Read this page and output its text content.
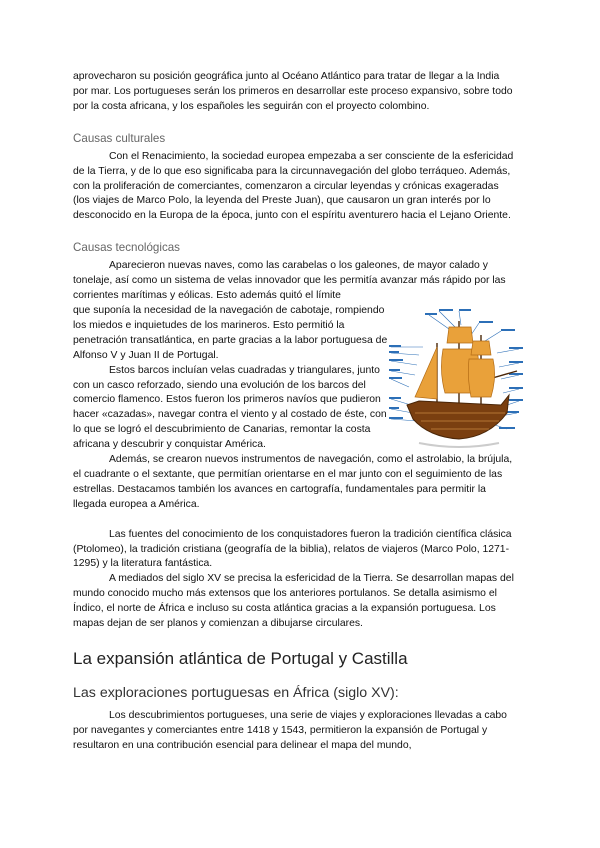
aprovecharon su posición geográfica junto al Océano Atlántico para tratar de llegar a la India por mar. Los portugueses serán los primeros en desarrollar este proceso expansivo, sobre todo por la costa africana, y los españoles les seguirán con el proyecto colombino.

Causas culturales

Con el Renacimiento, la sociedad europea empezaba a ser consciente de la esfericidad de la Tierra, y de lo que eso significaba para la circunnavegación del globo terráqueo. Además, con la proliferación de comerciantes, comenzaron a circular leyendas y crónicas exageradas (los viajes de Marco Polo, la leyenda del Preste Juan), que causaron un gran interés por lo desconocido en la Europa de la época, junto con el espíritu aventurero hacia el Lejano Oriente.

Causas tecnológicas

Aparecieron nuevas naves, como las carabelas o los galeones, de mayor calado y tonelaje, así como un sistema de velas innovador que les permitía avanzar más rápido por las corrientes marítimas y eólicas. Esto además quitó el límite

que suponía la necesidad de la navegación de cabotaje, rompiendo los miedos e inquietudes de los marineros. Esto permitió la penetración transatlántica, en parte gracias a la labor portuguesa de Alfonso V y Juan II de Portugal.

Estos barcos incluían velas cuadradas y triangulares, junto con un casco reforzado, siendo una evolución de los barcos del comercio flamenco. Estos fueron los primeros navíos que pudieron hacer «cazadas», navegar contra el viento y al costado de éste, con lo que se logró el descubrimiento de Canarias, remontar la costa africana y descubrir y conquistar América.

Además, se crearon nuevos instrumentos de navegación, como el astrolabio, la brújula, el cuadrante o el sextante, que permitían orientarse en el mar junto con el seguimiento de las estrellas. Destacamos también los avances en cartografía, fundamentales para permitir la llegada europea a América.

Las fuentes del conocimiento de los conquistadores fueron la tradición científica clásica (Ptolomeo), la tradición cristiana (geografía de la biblia), relatos de viajeros (Marco Polo, 1271-1295) y la literatura fantástica.

A mediados del siglo XV se precisa la esfericidad de la Tierra. Se desarrollan mapas del mundo conocido mucho más extensos que los anteriores portulanos. Se detalla asimismo el Índico, el norte de África e incluso su costa atlántica gracias a la expansión portuguesa. Los mapas dejan de ser planos y comienzan a dibujarse circulares.

La expansión atlántica de Portugal y Castilla
Las exploraciones portuguesas en África (siglo XV):

Los descubrimientos portugueses, una serie de viajes y exploraciones llevadas a cabo por navegantes y comerciantes entre 1418 y 1543, permitieron la expansión de Portugal y resultaron en una contribución esencial para delinear el mapa del mundo,
